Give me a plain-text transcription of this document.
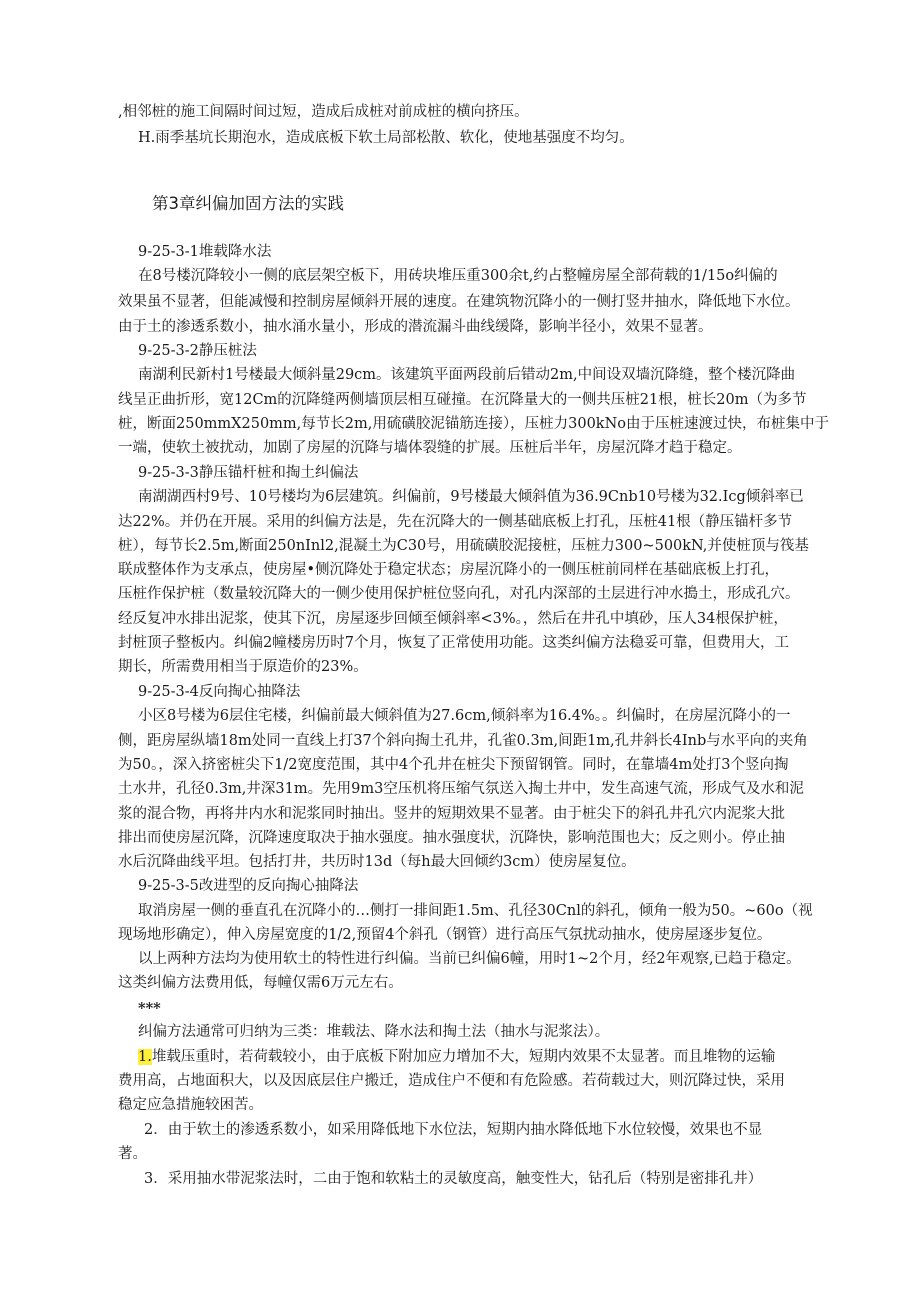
,相邻桩的施工间隔时间过短，造成后成桩对前成桩的横向挤压。
H.雨季基坑长期泡水，造成底板下软土局部松散、软化，使地基强度不均匀。
第3章纠偏加固方法的实践
9-25-3-1堆载降水法
在8号楼沉降较小一侧的底层架空板下，用砖块堆压重300余t,约占整幢房屋全部荷载的1/15o纠偏的
效果虽不显著，但能减慢和控制房屋倾斜开展的速度。在建筑物沉降小的一侧打竖井抽水，降低地下水位。
由于土的渗透系数小，抽水涌水量小，形成的潜流漏斗曲线缓降，影响半径小，效果不显著。
9-25-3-2静压桩法
南湖利民新村1号楼最大倾斜量29cm。该建筑平面两段前后错动2m,中间设双墙沉降缝，整个楼沉降曲
线呈正曲折形，宽12Cm的沉降缝两侧墙顶层相互碰撞。在沉降量大的一侧共压桩21根，桩长20m（为多节
桩，断面250mmX250mm,每节长2m,用硫磺胶泥锚筋连接），压桩力300kNo由于压桩速渡过快，布桩集中于
一端，使软土被扰动，加剧了房屋的沉降与墙体裂缝的扩展。压桩后半年，房屋沉降才趋于稳定。
9-25-3-3静压锚杆桩和掏土纠偏法
南湖湖西村9号、10号楼均为6层建筑。纠偏前，9号楼最大倾斜值为36.9Cnb10号楼为32.Icg倾斜率已
达22%。并仍在开展。采用的纠偏方法是，先在沉降大的一侧基础底板上打孔，压桩41根（静压锚杆多节
桩），每节长2.5m,断面250nInl2,混凝土为C30号，用硫磺胶泥接桩，压桩力300~500kN,并使桩顶与筏基
联成整体作为支承点，使房屋•侧沉降处于稳定状态；房屋沉降小的一侧压桩前同样在基础底板上打孔，
压桩作保护桩（数量较沉降大的一侧少使用保护桩位竖向孔，对孔内深部的土层进行冲水搗土，形成孔穴。
经反复冲水排出泥浆，使其下沉，房屋逐步回倾至倾斜率<3%。，然后在井孔中填砂，压人34根保护桩，
封桩顶子整板内。纠偏2幢楼房历时7个月，恢复了正常使用功能。这类纠偏方法稳妥可靠，但费用大，工
期长，所需费用相当于原造价的23%。
9-25-3-4反向掏心抽降法
小区8号楼为6层住宅楼，纠偏前最大倾斜值为27.6cm,倾斜率为16.4%。。纠偏时，在房屋沉降小的一
侧，距房屋纵墙18m处同一直线上打37个斜向掏土孔井，孔雀0.3m,间距1m,孔井斜长4Inb与水平向的夹角
为50。，深入挤密桩尖下1/2宽度范围，其中4个孔井在桩尖下预留钢管。同时，在靠墙4m处打3个竖向掏
土水井，孔径0.3m,井深31m。先用9m3空压机将压缩气氛送入掏土井中，发生高速气流，形成气及水和泥
浆的混合物，再将井内水和泥浆同时抽出。竖井的短期效果不显著。由于桩尖下的斜孔井孔穴内泥浆大批
排出而使房屋沉降，沉降速度取决于抽水强度。抽水强度状，沉降快，影响范围也大；反之则小。停止抽
水后沉降曲线平坦。包括打井，共历时13d（每h最大回倾约3cm）使房屋复位。
9-25-3-5改进型的反向掏心抽降法
取消房屋一侧的垂直孔在沉降小的…侧打一排间距1.5m、孔径30Cnl的斜孔，倾角一般为50。~60o（视
现场地形确定），伸入房屋宽度的1/2,预留4个斜孔（钢管）进行高压气氛扰动抽水，使房屋逐步复位。
以上两种方法均为使用软土的特性进行纠偏。当前已纠偏6幢，用时1~2个月，经2年观察,已趋于稳定。
这类纠偏方法费用低，每幢仅需6万元左右。
***
纠偏方法通常可归纳为三类：堆载法、降水法和掏土法（抽水与泥浆法）。
1.堆载压重时，若荷载较小，由于底板下附加应力增加不大，短期内效果不太显著。而且堆物的运输
费用高，占地面积大，以及因底层住户搬迁，造成住户不便和有危险感。若荷载过大，则沉降过快，采用
稳定应急措施较困苦。
2．由于软土的渗透系数小，如采用降低地下水位法，短期内抽水降低地下水位较慢，效果也不显
著。
3．采用抽水带泥浆法时，二由于饱和软粘土的灵敏度高，触变性大，钻孔后（特别是密排孔井）
